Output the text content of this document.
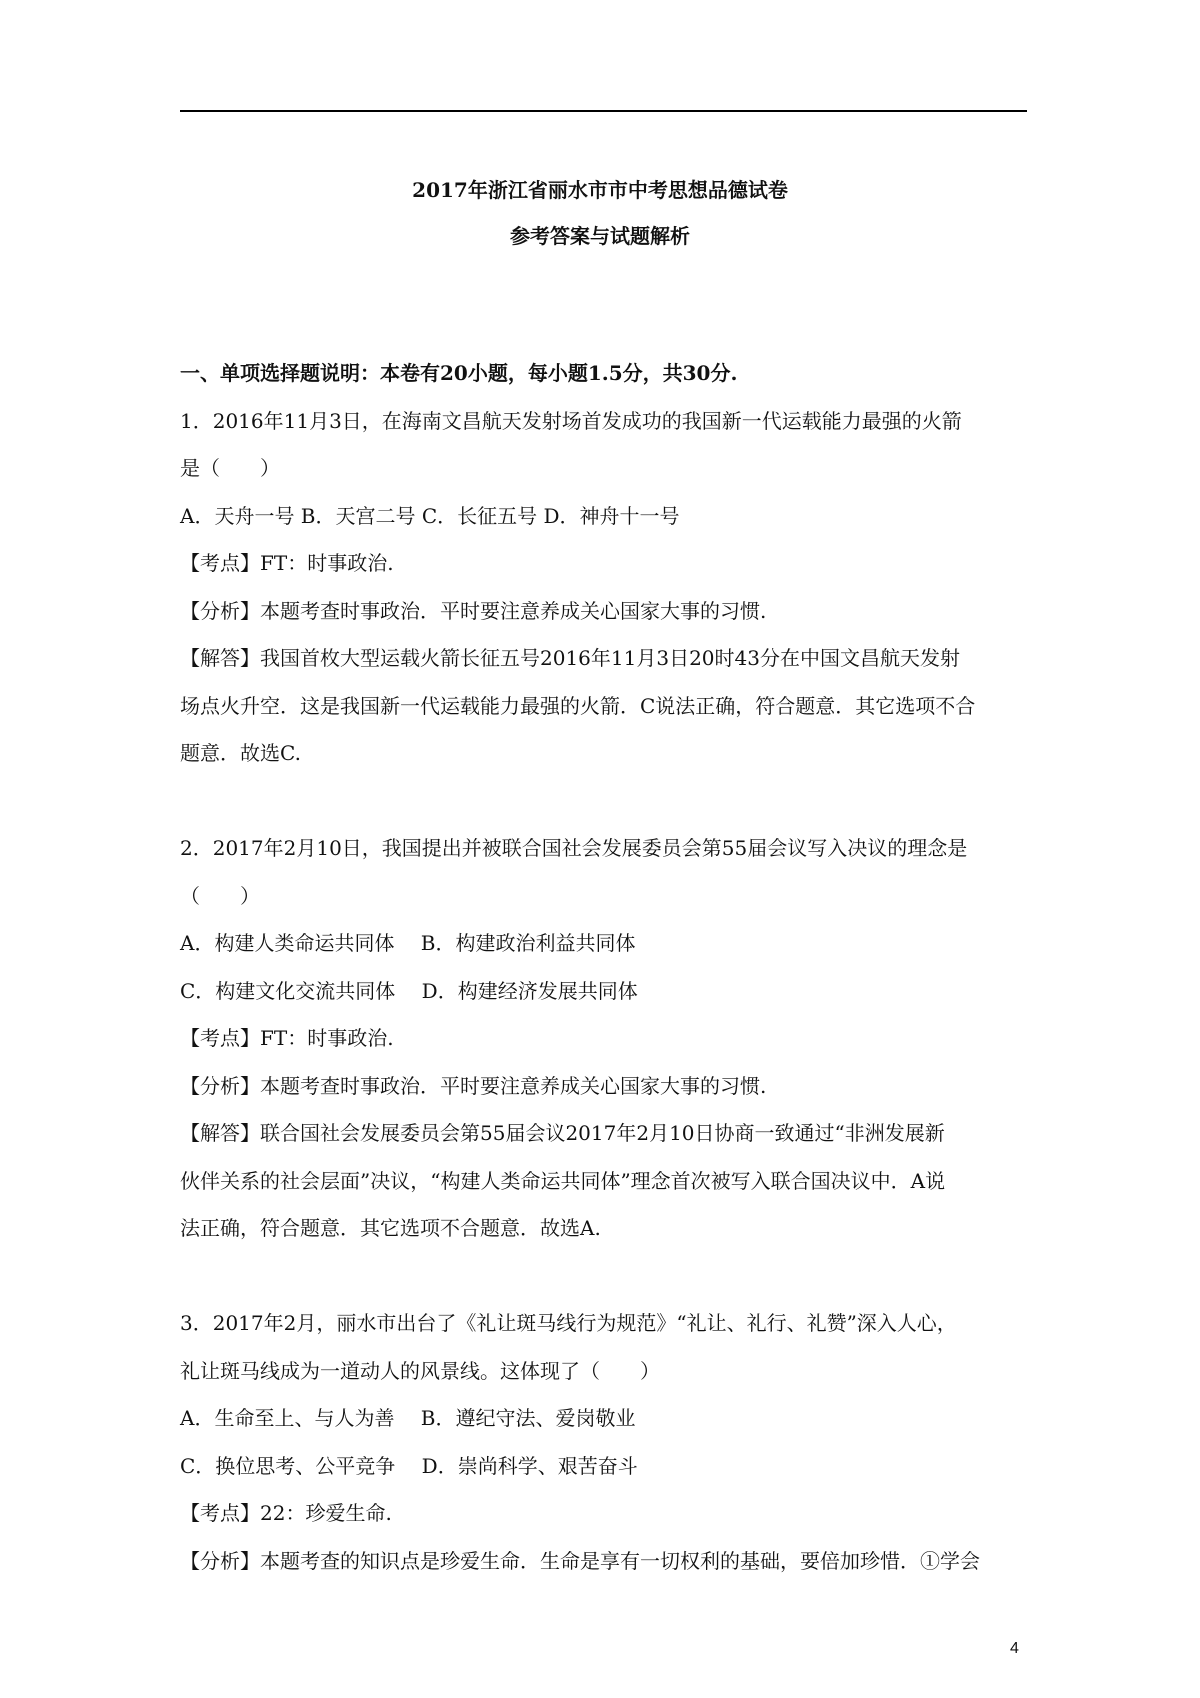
2017年浙江省丽水市市中考思想品德试卷
参考答案与试题解析
一、单项选择题说明：本卷有20小题，每小题1.5分，共30分.
1．2016年11月3日，在海南文昌航天发射场首发成功的我国新一代运载能力最强的火箭
是（　　）
A．天舟一号 B．天宫二号 C．长征五号 D．神舟十一号
【考点】FT：时事政治.
【分析】本题考查时事政治．平时要注意养成关心国家大事的习惯.
【解答】我国首枚大型运载火箭长征五号2016年11月3日20时43分在中国文昌航天发射
场点火升空．这是我国新一代运载能力最强的火箭．C说法正确，符合题意．其它选项不合
题意．故选C.
2．2017年2月10日，我国提出并被联合国社会发展委员会第55届会议写入决议的理念是
（　　）
A．构建人类命运共同体　 B．构建政治利益共同体
C．构建文化交流共同体　 D．构建经济发展共同体
【考点】FT：时事政治.
【分析】本题考查时事政治．平时要注意养成关心国家大事的习惯.
【解答】联合国社会发展委员会第55届会议2017年2月10日协商一致通过“非洲发展新
伙伴关系的社会层面”决议，“构建人类命运共同体”理念首次被写入联合国决议中．A说
法正确，符合题意．其它选项不合题意．故选A.
3．2017年2月，丽水市出台了《礼让斑马线行为规范》“礼让、礼行、礼赞”深入人心，
礼让斑马线成为一道动人的风景线。这体现了（　　）
A．生命至上、与人为善　 B．遵纪守法、爱岗敬业
C．换位思考、公平竞争　 D．崇尚科学、艰苦奋斗
【考点】22：珍爱生命.
【分析】本题考查的知识点是珍爱生命．生命是享有一切权利的基础，要倍加珍惜．①学会
4
